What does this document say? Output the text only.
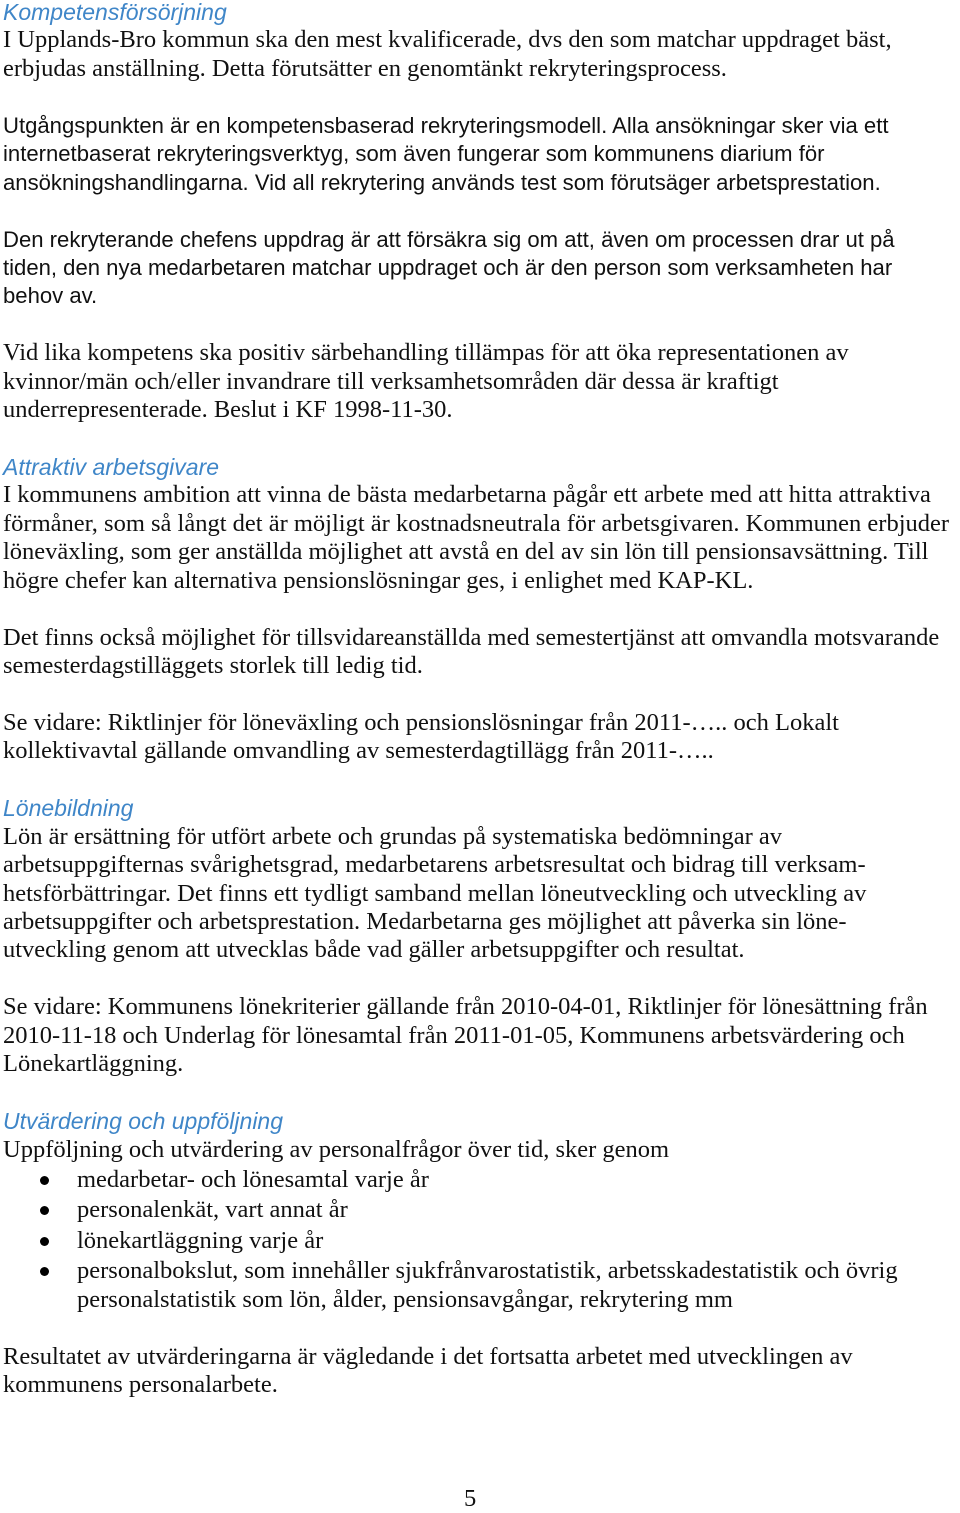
Kompetensförsörjning
I Upplands-Bro kommun ska den mest kvalificerade, dvs den som matchar uppdraget bäst,
erbjudas anställning. Detta förutsätter en genomtänkt rekryteringsprocess.
Utgångspunkten är en kompetensbaserad rekryteringsmodell. Alla ansökningar sker via ett
internetbaserat rekryteringsverktyg, som även fungerar som kommunens diarium för
ansökningshandlingarna. Vid all rekrytering används test som förutsäger arbetsprestation.
Den rekryterande chefens uppdrag är att försäkra sig om att, även om processen drar ut på
tiden, den nya medarbetaren matchar uppdraget och är den person som verksamheten har
behov av.
Vid lika kompetens ska positiv särbehandling tillämpas för att öka representationen av
kvinnor/män och/eller invandrare till verksamhetsområden där dessa är kraftigt
underrepresenterade. Beslut i KF 1998-11-30.
Attraktiv arbetsgivare
I kommunens ambition att vinna de bästa medarbetarna pågår ett arbete med att hitta attraktiva
förmåner, som så långt det är möjligt är kostnadsneutrala för arbetsgivaren. Kommunen erbjuder
löneväxling, som ger anställda möjlighet att avstå en del av sin lön till pensionsavsättning. Till
högre chefer kan alternativa pensionslösningar ges, i enlighet med KAP-KL.
Det finns också möjlighet för tillsvidareanställda med semestertjänst att omvandla motsvarande
semesterdagstilläggets storlek till ledig tid.
Se vidare: Riktlinjer för löneväxling och pensionslösningar från 2011-….. och Lokalt
kollektivavtal gällande omvandling av semesterdagtillägg från 2011-…..
Lönebildning
Lön är ersättning för utfört arbete och grundas på systematiska bedömningar av
arbetsuppgifternas svårighetsgrad, medarbetarens arbetsresultat och bidrag till verksam-
hetsförbättringar. Det finns ett tydligt samband mellan löneutveckling och utveckling av
arbetsuppgifter och arbetsprestation. Medarbetarna ges möjlighet att påverka sin löne-
utveckling genom att utvecklas både vad gäller arbetsuppgifter och resultat.
Se vidare: Kommunens lönekriterier gällande från 2010-04-01, Riktlinjer för lönesättning från
2010-11-18 och Underlag för lönesamtal från 2011-01-05, Kommunens arbetsvärdering och
Lönekartläggning.
Utvärdering och uppföljning
Uppföljning och utvärdering av personalfrågor över tid, sker genom
medarbetar- och lönesamtal varje år
personalenkät, vart annat år
lönekartläggning varje år
personalbokslut, som innehåller sjukfrånvarostatistik, arbetsskadestatistik och övrig
personalstatistik som lön, ålder, pensionsavgångar, rekrytering mm
Resultatet av utvärderingarna är vägledande i det fortsatta arbetet med utvecklingen av
kommunens personalarbete.
5
